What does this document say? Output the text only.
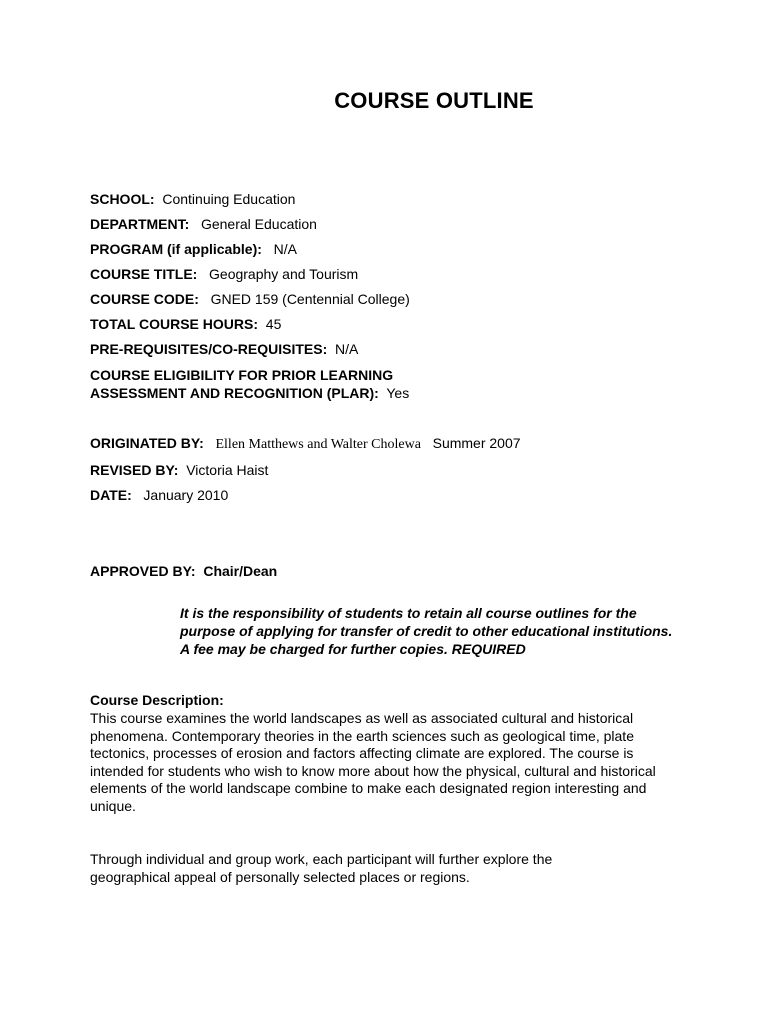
COURSE OUTLINE
SCHOOL: Continuing Education
DEPARTMENT: General Education
PROGRAM (if applicable): N/A
COURSE TITLE: Geography and Tourism
COURSE CODE: GNED 159 (Centennial College)
TOTAL COURSE HOURS: 45
PRE-REQUISITES/CO-REQUISITES: N/A
COURSE ELIGIBILITY FOR PRIOR LEARNING
ASSESSMENT AND RECOGNITION (PLAR): Yes
ORIGINATED BY: Ellen Matthews and Walter Cholewa Summer 2007
REVISED BY: Victoria Haist
DATE: January 2010
APPROVED BY: Chair/Dean
It is the responsibility of students to retain all course outlines for the purpose of applying for transfer of credit to other educational institutions. A fee may be charged for further copies. REQUIRED
Course Description:
This course examines the world landscapes as well as associated cultural and historical phenomena. Contemporary theories in the earth sciences such as geological time, plate tectonics, processes of erosion and factors affecting climate are explored. The course is intended for students who wish to know more about how the physical, cultural and historical elements of the world landscape combine to make each designated region interesting and unique.
Through individual and group work, each participant will further explore the geographical appeal of personally selected places or regions.
